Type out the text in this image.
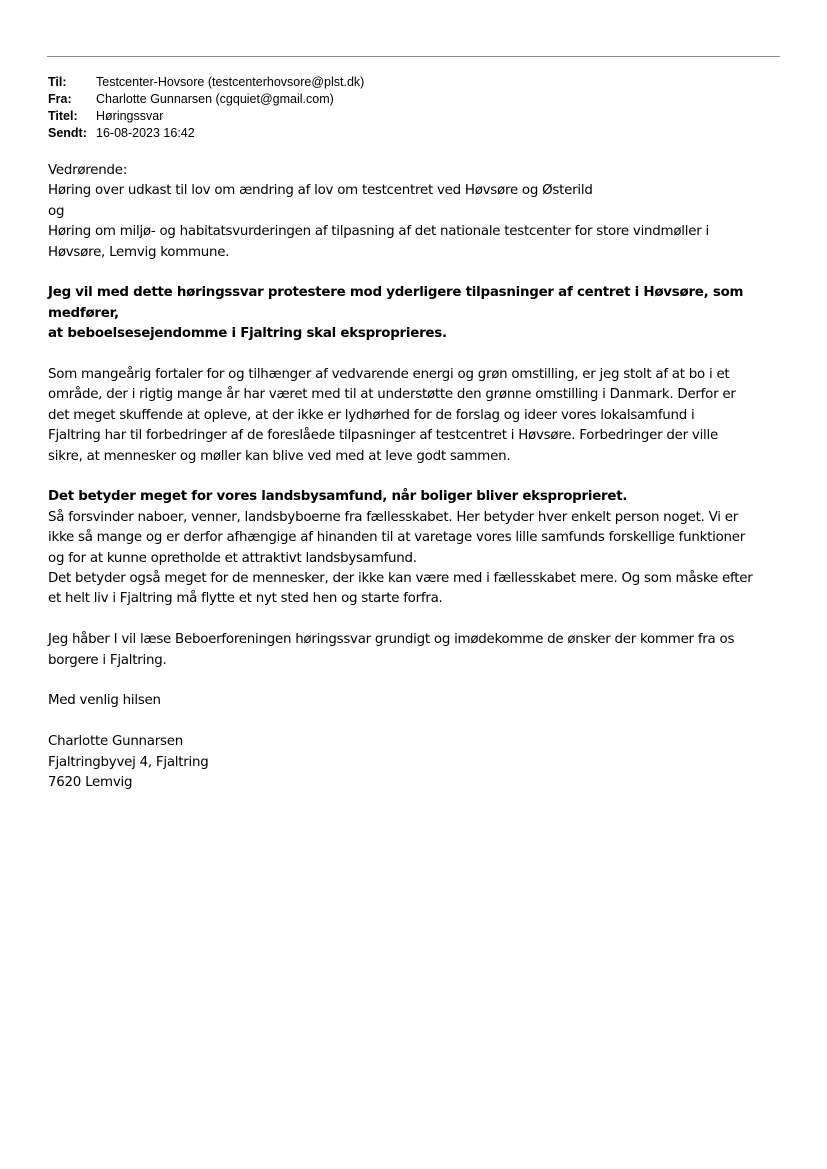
Til:	Testcenter-Hovsore (testcenterhovsore@plst.dk)
Fra:	Charlotte Gunnarsen (cgquiet@gmail.com)
Titel:	Høringssvar
Sendt: 16-08-2023 16:42

Vedrørende:
Høring over udkast til lov om ændring af lov om testcentret ved Høvsøre og Østerild
og
Høring om miljø- og habitatsvurderingen af tilpasning af det nationale testcenter for store vindmøller i
Høvsøre, Lemvig kommune.

Jeg vil med dette høringssvar protestere mod yderligere tilpasninger af centret i Høvsøre, som medfører,
at beboelsesejendomme i Fjaltring skal eksproprieres.

Som mangeårig fortaler for og tilhænger af vedvarende energi og grøn omstilling, er jeg stolt af at bo i et
område, der i rigtig mange år har været med til at understøtte den grønne omstilling i Danmark. Derfor er
det meget skuffende at opleve, at der ikke er lydhørhed for de forslag og ideer vores lokalsamfund i
Fjaltring har til forbedringer af de foreslåede tilpasninger af testcentret i Høvsøre. Forbedringer der ville
sikre, at mennesker og møller kan blive ved med at leve godt sammen.

Det betyder meget for vores landsbysamfund, når boliger bliver eksproprieret.

Så forsvinder naboer, venner, landsbyboerne fra fællesskabet. Her betyder hver enkelt person noget. Vi er
ikke så mange og er derfor afhængige af hinanden til at varetage vores lille samfunds forskellige funktioner
og for at kunne opretholde et attraktivt landsbysamfund.
Det betyder også meget for de mennesker, der ikke kan være med i fællesskabet mere. Og som måske efter
et helt liv i Fjaltring må flytte et nyt sted hen og starte forfra.

Jeg håber I vil læse Beboerforeningen høringssvar grundigt og imødekomme de ønsker der kommer fra os
borgere i Fjaltring.

Med venlig hilsen

Charlotte Gunnarsen
Fjaltringbyvej 4, Fjaltring
7620 Lemvig
